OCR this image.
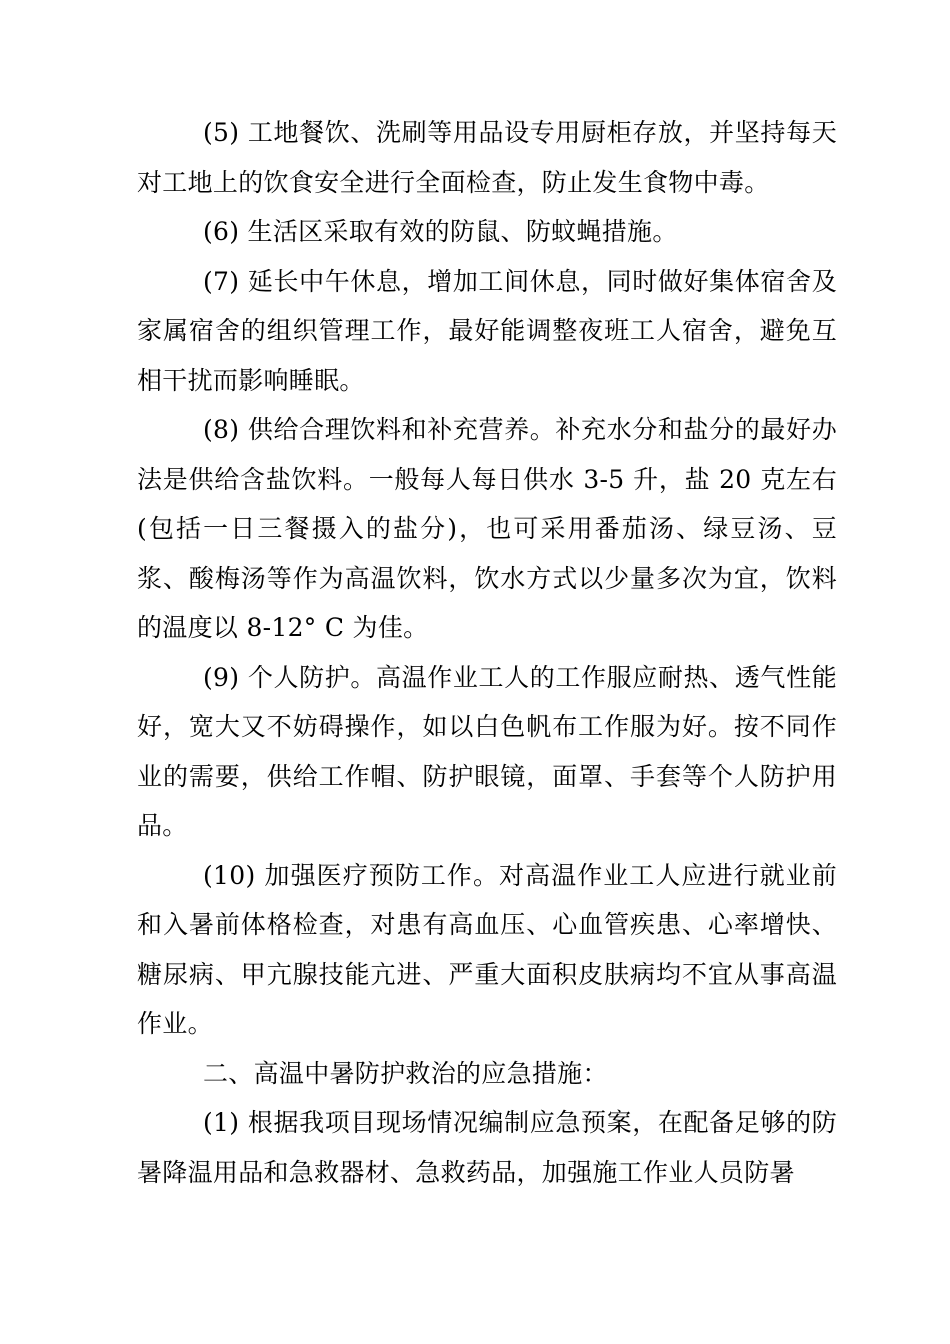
(5) 工地餐饮、洗刷等用品设专用厨柜存放，并坚持每天对工地上的饮食安全进行全面检查，防止发生食物中毒。

(6) 生活区采取有效的防鼠、防蚊蝇措施。

(7) 延长中午休息，增加工间休息，同时做好集体宿舍及家属宿舍的组织管理工作，最好能调整夜班工人宿舍，避免互相干扰而影响睡眠。

(8) 供给合理饮料和补充营养。补充水分和盐分的最好办法是供给含盐饮料。一般每人每日供水 3-5 升，盐 20 克左右(包括一日三餐摄入的盐分)，也可采用番茄汤、绿豆汤、豆浆、酸梅汤等作为高温饮料，饮水方式以少量多次为宜，饮料的温度以 8-12° C 为佳。

(9) 个人防护。高温作业工人的工作服应耐热、透气性能好，宽大又不妨碍操作，如以白色帆布工作服为好。按不同作业的需要，供给工作帽、防护眼镜，面罩、手套等个人防护用品。

(10) 加强医疗预防工作。对高温作业工人应进行就业前和入暑前体格检查，对患有高血压、心血管疾患、心率增快、糖尿病、甲亢腺技能亢进、严重大面积皮肤病均不宜从事高温作业。

二、高温中暑防护救治的应急措施：

(1) 根据我项目现场情况编制应急预案，在配备足够的防暑降温用品和急救器材、急救药品，加强施工作业人员防暑
